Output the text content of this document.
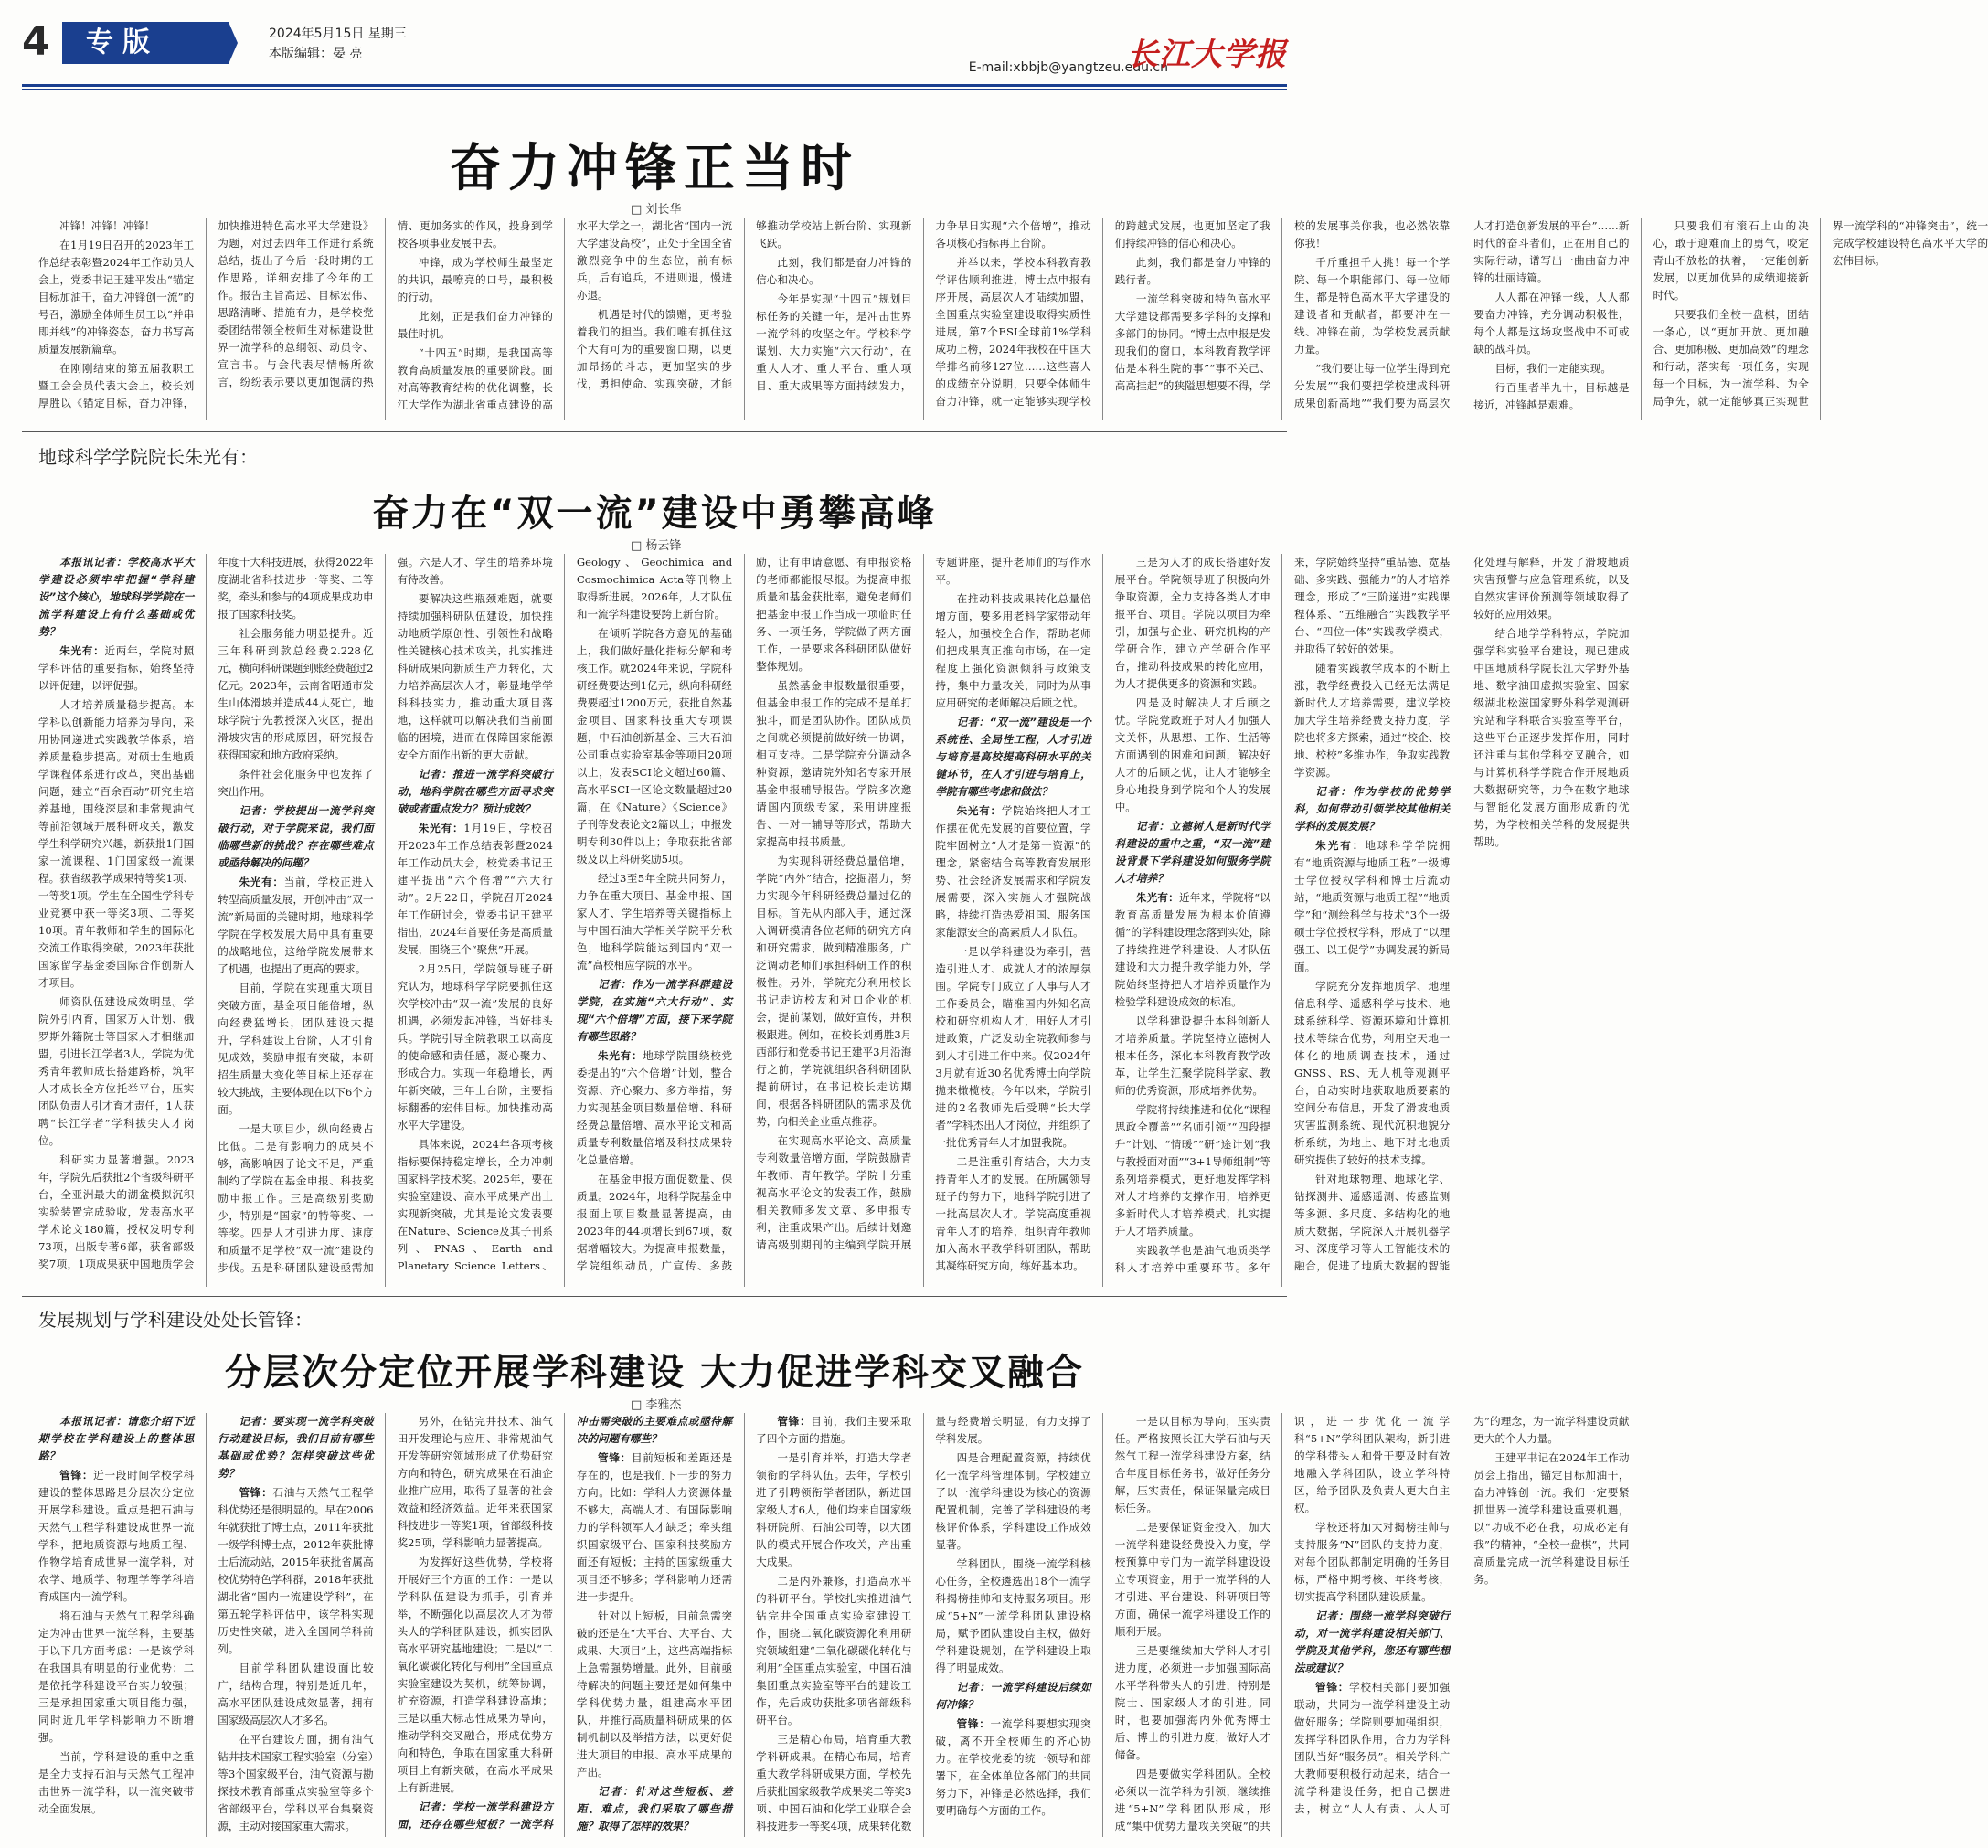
4	专版	2024年5月15日 星期三
本版编辑：晏 亮
E-mail:xbbjb@yangtzeu.edu.cn
长江大学报
奋力冲锋正当时
□ 刘长华

冲锋！冲锋！冲锋！

在1月19日召开的2023年工作总结表彰暨2024年工作动员大会上，党委书记王建平发出“锚定目标加油干，奋力冲锋创一流”的号召，激励全体师生员工以“并串即并线”的冲锋姿态，奋力书写高质量发展新篇章。

在刚刚结束的第五届教职工暨工会会员代表大会上，校长刘厚胜以《锚定目标，奋力冲锋，加快推进特色高水平大学建设》为题，对过去四年工作进行系统总结，提出了今后一段时期的工作思路，详细安排了今年的工作。报告主旨高远、目标宏伟、思路清晰、措施有力，是学校党委团结带领全校师生对标建设世界一流学科的总纲领、动员令、宣言书。与会代表尽情畅所欲言，纷纷表示要以更加饱满的热情、更加务实的作风，投身到学校各项事业发展中去。

冲锋，成为学校师生最坚定的共识，最嘹亮的口号，最积极的行动。

此刻，正是我们奋力冲锋的最佳时机。

“十四五”时期，是我国高等教育高质量发展的重要阶段。面对高等教育结构的优化调整，长江大学作为湖北省重点建设的高水平大学之一，湖北省“国内一流大学建设高校”，正处于全国全省激烈竞争中的生态位，前有标兵，后有追兵，不进则退，慢进亦退。

机遇是时代的馈赠，更考验着我们的担当。我们唯有抓住这个大有可为的重要窗口期，以更加昂扬的斗志，更加坚实的步伐，勇担使命、实现突破，才能够推动学校站上新台阶、实现新飞跃。

此刻，我们都是奋力冲锋的信心和决心。

今年是实现“十四五”规划目标任务的关键一年，是冲击世界一流学科的攻坚之年。学校科学谋划、大力实施“六大行动”，在重大人才、重大平台、重大项目、重大成果等方面持续发力，力争早日实现“六个倍增”，推动各项核心指标再上台阶。

并举以来，学校本科教育教学评估顺利推进，博士点申报有序开展，高层次人才陆续加盟，全国重点实验室建设取得实质性进展，第7个ESI全球前1%学科成功上榜，2024年我校在中国大学排名前移127位……这些喜人的成绩充分说明，只要全体师生奋力冲锋，就一定能够实现学校的跨越式发展，也更加坚定了我们持续冲锋的信心和决心。

此刻，我们都是奋力冲锋的践行者。

一流学科突破和特色高水平大学建设都需要多学科的支撑和多部门的协同。“博士点申报是发现我们的窗口，本科教育教学评估是本科生院的事”“事不关己、高高挂起”的狭隘思想要不得，学校的发展事关你我，也必然依靠你我！

千斤重担千人挑！每一个学院、每一个职能部门、每一位师生，都是特色高水平大学建设的建设者和贡献者，都要冲在一线、冲锋在前，为学校发展贡献力量。

“我们要让每一位学生得到充分发展”“我们要把学校建成科研成果创新高地”“我们要为高层次人才打造创新发展的平台”……新时代的奋斗者们，正在用自己的实际行动，谱写出一曲曲奋力冲锋的壮丽诗篇。

人人都在冲锋一线，人人都要奋力冲锋，充分调动积极性，每个人都是这场攻坚战中不可或缺的战斗员。

目标，我们一定能实现。

行百里者半九十，目标越是接近，冲锋越是艰难。

只要我们有滚石上山的决心，敢于迎难而上的勇气，咬定青山不放松的执着，一定能创新发展，以更加优异的成绩迎接新时代。

只要我们全校一盘棋，团结一条心，以“更加开放、更加融合、更加积极、更加高效”的理念和行动，落实每一项任务，实现每一个目标，为一流学科、为全局争先，就一定能够真正实现世界一流学科的“冲锋突击”，统一完成学校建设特色高水平大学的宏伟目标。

地球科学学院院长朱光有：
奋力在“双一流”建设中勇攀高峰
□ 杨云锋

本报讯记者：学校高水平大学建设必须牢牢把握“学科建设”这个核心，地球科学学院在一流学科建设上有什么基础或优势？

朱光有：近两年，学院对照学科评估的重要指标，始终坚持以评促建，以评促强。

人才培养质量稳步提高。本学科以创新能力培养为导向，采用协同递进式实践教学体系，培养质量稳步提高。对硕士生地质学课程体系进行改革，突出基础问题，建立“百余百动”研究生培养基地，围绕深层和非常规油气等前沿领域开展科研攻关，激发学生科学研究兴趣，新获批1门国家一流课程、1门国家级一流课程。获省级教学成果特等奖1项、一等奖1项。学生在全国性学科专业竞赛中获一等奖3项、二等奖10项。青年教师和学生的国际化交流工作取得突破，2023年获批国家留学基金委国际合作创新人才项目。

师资队伍建设成效明显。学院外引内育，国家万人计划、俄罗斯外籍院士等国家人才相继加盟，引进长江学者3人，学院为优秀青年教师成长搭建路桥，筑牢人才成长全方位托举平台，压实团队负责人引才育才责任，1人获聘“长江学者”学科拔尖人才岗位。

科研实力显著增强。2023年，学院先后获批2个省级科研平台，全亚洲最大的湖盆模拟沉积实验装置完成验收，发表高水平学术论文180篇，授权发明专利73项，出版专著6部，获省部级奖7项，1项成果获中国地质学会年度十大科技进展，获得2022年度湖北省科技进步一等奖、二等奖，牵头和参与的4项成果成功申报了国家科技奖。

社会服务能力明显提升。近三年科研到款总经费2.228亿元，横向科研课题到账经费超过2亿元。2023年，云南省昭通市发生山体滑坡并造成44人死亡，地球学院宁先教授深入灾区，提出滑坡灾害的形成原因，研究报告获得国家和地方政府采纳。

条件社会化服务中也发挥了突出作用。

记者：学校提出一流学科突破行动，对于学院来说，我们面临哪些新的挑战？存在哪些难点或亟待解决的问题？

朱光有：当前，学校正进入转型高质量发展，开创冲击“双一流”新局面的关键时期，地球科学学院在学校发展大局中具有重要的战略地位，这给学院发展带来了机遇，也提出了更高的要求。

目前，学院在实现重大项目突破方面，基金项目能倍增，纵向经费猛增长，团队建设大提升，学科建设上台阶，人才引育见成效，奖励申报有突破，本研招生质量大变化等目标上还存在较大挑战，主要体现在以下6个方面。

一是大项目少，纵向经费占比低。二是有影响力的成果不够，高影响因子论文不足，严重制约了学院在基金申报、科技奖励申报工作。三是高级别奖励少，特别是“国家”的特等奖、一等奖。四是人才引进力度、速度和质量不足学校“双一流”建设的步伐。五是科研团队建设亟需加强。六是人才、学生的培养环境有待改善。

要解决这些瓶颈难题，就要持续加强科研队伍建设，加快推动地质学原创性、引领性和战略性关键核心技术攻关，扎实推进科研成果向新质生产力转化，大力培养高层次人才，彰显地学学科科技实力，推动重大项目落地，这样就可以解决我们当前面临的困境，进而在保障国家能源安全方面作出新的更大贡献。

记者：推进一流学科突破行动，地科学院在哪些方面寻求突破或者重点发力？预计成效？

朱光有：1月19日，学校召开2023年工作总结表彰暨2024年工作动员大会，校党委书记王建平提出“六个倍增”“六大行动”。2月22日，学院召开2024年工作研讨会，党委书记王建平指出，2024年首要任务是高质量发展，围绕三个“聚焦”开展。

2月25日，学院领导班子研究认为，地球科学学院要抓住这次学校冲击“双一流”发展的良好机遇，必须发起冲锋，当好排头兵。学院引导全院教职工以高度的使命感和责任感，凝心聚力、形成合力。实现一年稳增长，两年新突破，三年上台阶，主要指标翻番的宏伟目标。加快推动高水平大学建设。

具体来说，2024年各项考核指标要保持稳定增长，全力冲刺国家科学技术奖。2025年，要在实验室建设、高水平成果产出上实现新突破，尤其是论文发表要在Nature、Science及其子刊系列、PNAS、Earth and Planetary Science Letters、Geology、Geochimica and Cosmochimica Acta等刊物上取得新进展。2026年，人才队伍和一流学科建设要跨上新台阶。

在倾听学院各方意见的基础上，我们做好量化指标分解和考核工作。就2024年来说，学院科研经费要达到1亿元，纵向科研经费要超过1200万元，获批自然基金项目、国家科技重大专项课题，中石油创新基金、三大石油公司重点实验室基金等项目20项以上，发表SCI论文超过60篇、高水平SCI一区论文数量超过20篇，在《Nature》《Science》子刊等发表论文2篇以上；申报发明专利30件以上；争取获批省部级及以上科研奖励5项。

经过3至5年全院共同努力，力争在重大项目、基金申报、国家人才、学生培养等关键指标上与中国石油大学相关学院平分秋色，地科学院能达到国内“双一流”高校相应学院的水平。

记者：作为一流学科群建设学院，在实施“六大行动”、实现“六个倍增”方面，接下来学院有哪些思路？

朱光有：地球学院围绕校党委提出的“六个倍增”计划，整合资源、齐心聚力、多方举措，努力实现基金项目数量倍增、科研经费总量倍增、高水平论文和高质量专利数量倍增及科技成果转化总量倍增。

在基金申报方面促数量、保质量。2024年，地科学院基金申报面上项目数量显著提高，由2023年的44项增长到67项，数据增幅较大。为提高申报数量，学院组织动员，广宣传、多鼓励，让有申请意愿、有申报资格的老师都能报尽报。为提高申报质量和基金获批率，避免老师们把基金申报工作当成一项临时任务、一项任务，学院做了两方面工作，一是要求各科研团队做好整体规划。

虽然基金申报数量很重要，但基金申报工作的完成不是单打独斗，而是团队协作。团队成员之间就必须提前做好统一协调，相互支持。二是学院充分调动各种资源，邀请院外知名专家开展基金申报辅导报告。学院多次邀请国内顶级专家，采用讲座报告、一对一辅导等形式，帮助大家提高申报书质量。

为实现科研经费总量倍增，学院“内外”结合，挖掘潜力，努力实现今年科研经费总量过亿的目标。首先从内部入手，通过深入调研摸清各位老师的研究方向和研究需求，做到精准服务，广泛调动老师们承担科研工作的积极性。另外，学院充分利用校长书记走访校友和对口企业的机会，提前谋划，做好宣传，并积极跟进。例如，在校长刘勇胜3月西部行和党委书记王建平3月沿海行之前，学院就组织各科研团队提前研讨，在书记校长走访期间，根据各科研团队的需求及优势，向相关企业重点推荐。

在实现高水平论文、高质量专利数量倍增方面，学院鼓励青年教师、青年教学。学院十分重视高水平论文的发表工作，鼓励相关教师多发文章、多申报专利，注重成果产出。后续计划邀请高级别期刊的主编到学院开展专题讲座，提升老师们的写作水平。

在推动科技成果转化总量倍增方面，要多用老科学家带动年轻人，加强校企合作，帮助老师们把成果真正推向市场，在一定程度上强化资源倾斜与政策支持，集中力量攻关，同时为从事应用研究的老师解决后顾之忧。

记者：“双一流”建设是一个系统性、全局性工程，人才引进与培育是高校提高科研水平的关键环节，在人才引进与培育上，学院有哪些考虑和做法？

朱光有：学院始终把人才工作摆在优先发展的首要位置，学院牢固树立“人才是第一资源”的理念，紧密结合高等教育发展形势、社会经济发展需求和学院发展需要，深入实施人才强院战略，持续打造热爱祖国、服务国家能源安全的高素质人才队伍。

一是以学科建设为牵引，营造引进人才、成就人才的浓厚氛围。学院专门成立了人事与人才工作委员会，瞄准国内外知名高校和研究机构人才，用好人才引进政策，广泛发动全院教师参与到人才引进工作中来。仅2024年3月就有近30名优秀博士向学院抛来橄榄枝。今年以来，学院引进的2名教师先后受聘“长大学者”学科杰出人才岗位，并组织了一批优秀青年人才加盟我院。

二是注重引育结合，大力支持青年人才的发展。在所属领导班子的努力下，地科学院引进了一批高层次人才。学院高度重视青年人才的培养，组织青年教师加入高水平教学科研团队，帮助其凝练研究方向，练好基本功。

三是为人才的成长搭建好发展平台。学院领导班子积极向外争取资源，全力支持各类人才申报平台、项目。学院以项目为牵引，加强与企业、研究机构的产学研合作，建立产学研合作平台，推动科技成果的转化应用，为人才提供更多的资源和实践。

四是及时解决人才后顾之忧。学院党政班子对人才加强人文关怀，从思想、工作、生活等方面遇到的困难和问题，解决好人才的后顾之忧，让人才能够全身心地投身到学院和个人的发展中。

记者：立德树人是新时代学科建设的重中之重，“双一流”建设背景下学科建设如何服务学院人才培养？

朱光有：近年来，学院将“以教育高质量发展为根本价值遵循”的学科建设理念落到实处，除了持续推进学科建设、人才队伍建设和大力提升教学能力外，学院始终坚持把人才培养质量作为检验学科建设成效的标准。

以学科建设提升本科创新人才培养质量。学院坚持立德树人根本任务，深化本科教育教学改革，让学生汇聚学院科学家、教师的优秀资源，形成培养优势。

学院将持续推进和优化“课程思政全覆盖”“名师引领”“四段提升”计划、“情暖”“研”途计划“我与教授面对面”“3+1导师组制”等系列培养模式，更好地发挥学科对人才培养的支撑作用，培养更多新时代人才培养模式，扎实提升人才培养质量。

实践教学也是油气地质类学科人才培养中重要环节。多年来，学院始终坚持“重品德、宽基础、多实践、强能力”的人才培养理念，形成了“三阶递进”实践课程体系、“五维融合”实践教学平台、“四位一体”实践教学模式，并取得了较好的效果。

随着实践教学成本的不断上涨，教学经费投入已经无法满足新时代人才培养需要，建议学校加大学生培养经费支持力度，学院也将多方探索，通过“校企、校地、校校”多维协作，争取实践教学资源。

记者：作为学校的优势学科，如何带动引领学校其他相关学科的发展发展？

朱光有：地球科学学院拥有“地质资源与地质工程”一级博士学位授权学科和博士后流动站，“地质资源与地质工程”“地质学”和“测绘科学与技术”3个一级硕士学位授权学科，形成了“以理强工、以工促学”协调发展的新局面。

学院充分发挥地质学、地理信息科学、遥感科学与技术、地球系统科学、资源环境和计算机技术等综合优势，利用空天地一体化的地质调查技术，通过GNSS、RS、无人机等观测平台，自动实时地获取地质要素的空间分布信息，开发了滑坡地质灾害监测系统、现代沉积地貌分析系统，为地上、地下对比地质研究提供了较好的技术支撑。

针对地球物理、地球化学、钻探测井、遥感遥测、传感监测等多源、多尺度、多结构化的地质大数据，学院深入开展机器学习、深度学习等人工智能技术的融合，促进了地质大数据的智能化处理与解释，开发了滑坡地质灾害预警与应急管理系统，以及自然灾害评价预测等领域取得了较好的应用效果。

结合地学学科特点，学院加强学科实验平台建设，现已建成中国地质科学院长江大学野外基地、数字油田虚拟实验室、国家级湖北松滋国家野外科学观测研究站和学科联合实验室等平台，这些平台正逐步发挥作用，同时还注重与其他学科交叉融合，如与计算机科学学院合作开展地质大数据研究等，力争在数字地球与智能化发展方面形成新的优势，为学校相关学科的发展提供帮助。

发展规划与学科建设处处长管锋：
分层次分定位开展学科建设 大力促进学科交叉融合
□ 李雅杰

本报讯记者：请您介绍下近期学校在学科建设上的整体思路？

管锋：近一段时间学校学科建设的整体思路是分层次分定位开展学科建设。重点是把石油与天然气工程学科建设成世界一流学科，把地质资源与地质工程、作物学培育成世界一流学科，对农学、地质学、物理学等学科培育成国内一流学科。

将石油与天然气工程学科确定为冲击世界一流学科，主要基于以下几方面考虑：一是该学科在我国具有明显的行业优势；二是依托学科建设平台实力较强；三是承担国家重大项目能力强，同时近几年学科影响力不断增强。

当前，学科建设的重中之重是全力支持石油与天然气工程冲击世界一流学科，以一流突破带动全面发展。

记者：要实现一流学科突破行动建设目标，我们目前有哪些基础或优势？怎样突破这些优势？

管锋：石油与天然气工程学科优势还是很明显的。早在2006年就获批了博士点，2011年获批一级学科博士点，2012年获批博士后流动站，2015年获批省属高校优势特色学科群，2018年获批湖北省“国内一流建设学科”，在第五轮学科评估中，该学科实现历史性突破，进入全国同学科前列。

目前学科团队建设面比较广，结构合理，特别是近几年，高水平团队建设成效显著，拥有国家级高层次人才多名。

在平台建设方面，拥有油气钻井技术国家工程实验室（分室）等3个国家级平台，油气资源与勘探技术教育部重点实验室等多个省部级平台，学科以平台集聚资源，主动对接国家重大需求。

另外，在钻完井技术、油气田开发理论与应用、非常规油气开发等研究领域形成了优势研究方向和特色，研究成果在石油企业推广应用，取得了显著的社会效益和经济效益。近年来获国家科技进步一等奖1项，省部级科技奖25项，学科影响力显著提高。

为发挥好这些优势，学校将开展好三个方面的工作：一是以学科队伍建设为抓手，引育并举，不断强化以高层次人才为带头人的学科团队建设，抓实团队高水平研究基地建设；二是以“二氧化碳碳化转化与利用”全国重点实验室建设为契机，统筹协调，扩充资源，打造学科建设高地；三是以重大标志性成果为导向，推动学科交叉融合，形成优势方向和特色，争取在国家重大科研项目上有新突破，在高水平成果上有新进展。

记者：学校一流学科建设方面，还存在哪些短板？一流学科冲击需突破的主要难点或亟待解决的问题有哪些？

管锋：目前短板和差距还是存在的，也是我们下一步的努力方向。比如：学科人力资源体量不够大，高端人才、有国际影响力的学科领军人才缺乏；牵头组织国家级平台、国家科技奖励方面还有短板；主持的国家级重大项目还不够多；学科影响力还需进一步提升。

针对以上短板，目前急需突破的还是在“大平台、大平台、大成果、大项目”上，这些高端指标上急需强势增量。此外，目前亟待解决的问题主要还是如何集中学科优势力量，组建高水平团队，并推行高质量科研成果的体制机制以及举措方法，以更好促进大项目的申报、高水平成果的产出。

记者：针对这些短板、差距、难点，我们采取了哪些措施？取得了怎样的效果？

管锋：目前，我们主要采取了四个方面的措施。

一是引育并举，打造大学者领衔的学科队伍。去年，学校引进了引聘领衔学者团队，新进国家级人才6人，他们均来自国家级科研院所、石油公司等，以大团队的模式开展合作攻关，产出重大成果。

二是内外兼修，打造高水平的科研平台。学校扎实推进油气钻完井全国重点实验室建设工作，围绕二氧化碳资源化利用研究领域组建“二氧化碳碳化转化与利用”全国重点实验室，中国石油集团重点实验室等平台的建设工作，先后成功获批多项省部级科研平台。

三是精心布局，培育重大教学科研成果。在精心布局，培育重大教学科研成果方面，学校先后获批国家级教学成果奖二等奖3项、中国石油和化学工业联合会科技进步一等奖4项，成果转化数量与经费增长明显，有力支撑了学科发展。

四是合理配置资源，持续优化一流学科管理体制。学校建立了以一流学科建设为核心的资源配置机制，完善了学科建设的考核评价体系，学科建设工作成效显著。

学科团队，围绕一流学科核心任务，全校遴选出18个一流学科揭榜挂帅和支持服务项目。形成“5+N”一流学科团队建设格局，赋予团队建设自主权，做好学科建设规划，在学科建设上取得了明显成效。

记者：一流学科建设后续如何冲锋？

管锋：一流学科要想实现突破，离不开全校师生的齐心协力。在学校党委的统一领导和部署下，在全体单位各部门的共同努力下，冲锋是必然选择，我们要明确每个方面的工作。

一是以目标为导向，压实责任。严格按照长江大学石油与天然气工程一流学科建设方案，结合年度目标任务书，做好任务分解，压实责任，保证保量完成目标任务。

二是要保证资金投入，加大一流学科建设经费投入力度，学校预算中专门为一流学科建设设立专项资金，用于一流学科的人才引进、平台建设、科研项目等方面，确保一流学科建设工作的顺利开展。

三是要继续加大学科人才引进力度，必须进一步加强国际高水平学科带头人的引进，特别是院士、国家级人才的引进。同时，也要加强海内外优秀博士后、博士的引进力度，做好人才储备。

四是要做实学科团队。全校必须以一流学科为引领，继续推进“5+N”学科团队形成，形成“集中优势力量攻关突破”的共识，进一步优化一流学科“5+N”学科团队架构，新引进的学科带头人和骨干要及时有效地融入学科团队，设立学科特区，给予团队及负责人更大自主权。

学校还将加大对揭榜挂帅与支持服务“N”团队的支持力度，对每个团队都制定明确的任务目标，严格中期考核、年终考核，切实提高学科团队建设质量。

记者：围绕一流学科突破行动，对一流学科建设相关部门、学院及其他学科，您还有哪些想法或建议？

管锋：学校相关部门要加强联动，共同为一流学科建设主动做好服务；学院则要加强组织，发挥学科团队作用，合力为学科团队当好“服务员”。相关学科广大教师要积极行动起来，结合一流学科建设任务，把自己摆进去，树立“人人有责、人人可为”的理念，为一流学科建设贡献更大的个人力量。

王建平书记在2024年工作动员会上指出，锚定目标加油干，奋力冲锋创一流。我们一定要紧抓世界一流学科建设重要机遇，以“功成不必在我，功成必定有我”的精神，“全校一盘棋”，共同高质量完成一流学科建设目标任务。
